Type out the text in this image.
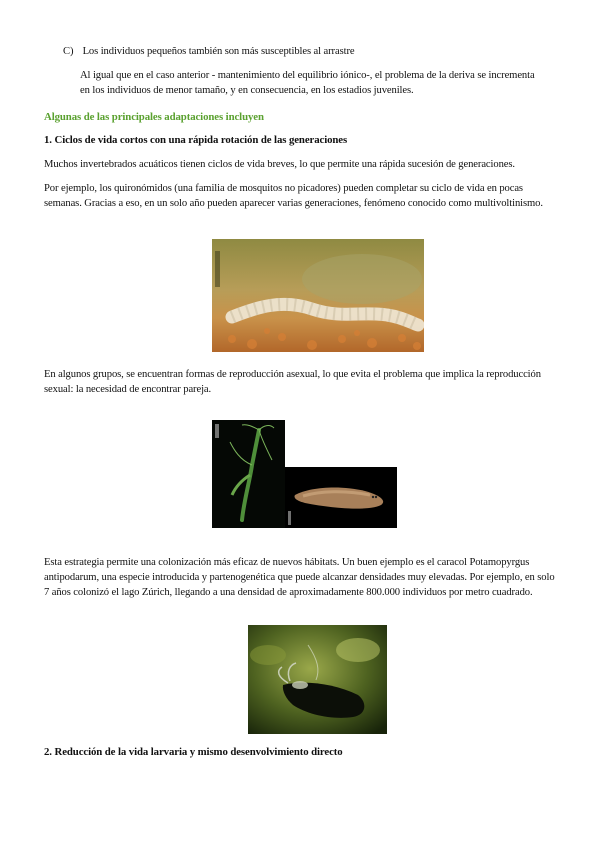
C) Los individuos pequeños también son más susceptibles al arrastre
Al igual que en el caso anterior - mantenimiento del equilibrio iónico-, el problema de la deriva se incrementa en los individuos de menor tamaño, y en consecuencia, en los estadios juveniles.
Algunas de las principales adaptaciones incluyen
1. Ciclos de vida cortos con una rápida rotación de las generaciones
Muchos invertebrados acuáticos tienen ciclos de vida breves, lo que permite una rápida sucesión de generaciones.
Por ejemplo, los quironómidos (una familia de mosquitos no picadores) pueden completar su ciclo de vida en pocas semanas. Gracias a eso, en un solo año pueden aparecer varias generaciones, fenómeno conocido como multivoltinismo.
En algunos grupos, se encuentran formas de reproducción asexual, lo que evita el problema que implica la reproducción sexual: la necesidad de encontrar pareja.
Esta estrategia permite una colonización más eficaz de nuevos hábitats. Un buen ejemplo es el caracol Potamopyrgus antipodarum, una especie introducida y partenogenética que puede alcanzar densidades muy elevadas. Por ejemplo, en solo 7 años colonizó el lago Zúrich, llegando a una densidad de aproximadamente 800.000 individuos por metro cuadrado.
2. Reducción de la vida larvaria y mismo desenvolvimiento directo
